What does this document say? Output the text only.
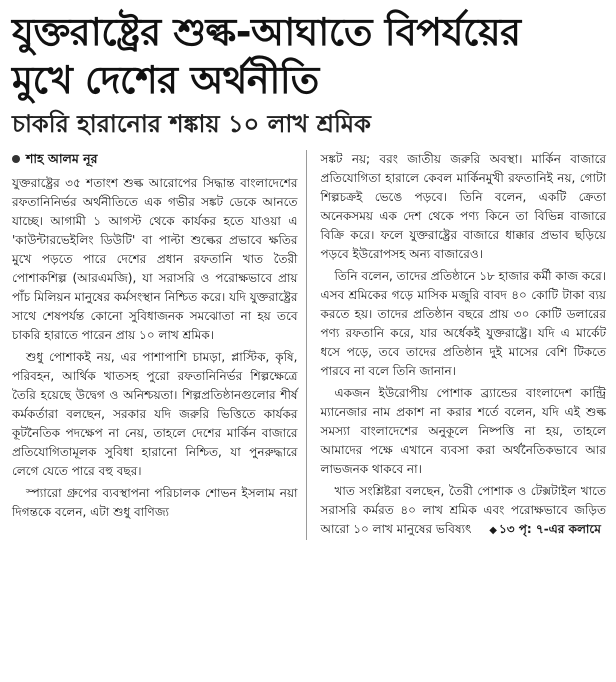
যুক্তরাষ্ট্রের শুল্ক-আঘাতে বিপর্যয়ের
মুখে দেশের অর্থনীতি
চাকরি হারানোর শঙ্কায় ১০ লাখ শ্রমিক
শাহ আলম নূর

যুক্তরাষ্ট্রের ৩৫ শতাংশ শুল্ক আরোপের সিদ্ধান্ত বাংলাদেশের রফতানিনির্ভর অর্থনীতিতে এক গভীর সঙ্কট ডেকে আনতে যাচ্ছে। আগামী ১ আগস্ট থেকে কার্যকর হতে যাওয়া এ 'কাউন্টারভেইলিং ডিউটি' বা পাল্টা শুল্কের প্রভাবে ক্ষতির মুখে পড়তে পারে দেশের প্রধান রফতানি খাত তৈরী পোশাকশিল্প (আরএমজি), যা সরাসরি ও পরোক্ষভাবে প্রায় পাঁচ মিলিয়ন মানুষের কর্মসংস্থান নিশ্চিত করে। যদি যুক্তরাষ্ট্রের সাথে শেষপর্যন্ত কোনো সুবিধাজনক সমঝোতা না হয় তবে চাকরি হারাতে পারেন প্রায় ১০ লাখ শ্রমিক।

শুধু পোশাকই নয়, এর পাশাপাশি চামড়া, প্লাস্টিক, কৃষি, পরিবহন, আর্থিক খাতসহ পুরো রফতানিনির্ভর শিল্পক্ষেত্রে তৈরি হয়েছে উদ্বেগ ও অনিশ্চয়তা। শিল্পপ্রতিষ্ঠানগুলোর শীর্ষ কর্মকর্তারা বলছেন, সরকার যদি জরুরি ভিত্তিতে কার্যকর কূটনৈতিক পদক্ষেপ না নেয়, তাহলে দেশের মার্কিন বাজারে প্রতিযোগিতামূলক সুবিধা হারানো নিশ্চিত, যা পুনরুদ্ধারে লেগে যেতে পারে বহু বছর।

স্প্যারো গ্রুপের ব্যবস্থাপনা পরিচালক শোভন ইসলাম নয়া দিগন্তকে বলেন, এটা শুধু বাণিজ্য

সঙ্কট নয়; বরং জাতীয় জরুরি অবস্থা। মার্কিন বাজারে প্রতিযোগিতা হারালে কেবল মার্কিনমুখী রফতানিই নয়, গোটা শিল্পচক্রই ভেঙে পড়বে। তিনি বলেন, একটি ক্রেতা অনেকসময় এক দেশ থেকে পণ্য কিনে তা বিভিন্ন বাজারে বিক্রি করে। ফলে যুক্তরাষ্ট্রের বাজারে ধাক্কার প্রভাব ছড়িয়ে পড়বে ইউরোপসহ অন্য বাজারেও।

তিনি বলেন, তাদের প্রতিষ্ঠানে ১৮ হাজার কর্মী কাজ করে। এসব শ্রমিকের গড়ে মাসিক মজুরি বাবদ ৪০ কোটি টাকা ব্যয় করতে হয়। তাদের প্রতিষ্ঠান বছরে প্রায় ৩০ কোটি ডলারের পণ্য রফতানি করে, যার অর্ধেকই যুক্তরাষ্ট্রে। যদি এ মার্কেট ধসে পড়ে, তবে তাদের প্রতিষ্ঠান দুই মাসের বেশি টিকতে পারবে না বলে তিনি জানান।

একজন ইউরোপীয় পোশাক ব্র্যান্ডের বাংলাদেশ কান্ট্রি ম্যানেজার নাম প্রকাশ না করার শর্তে বলেন, যদি এই শুল্ক সমস্যা বাংলাদেশের অনুকূলে নিষ্পত্তি না হয়, তাহলে আমাদের পক্ষে এখানে ব্যবসা করা অর্থনৈতিকভাবে আর লাভজনক থাকবে না।

খাত সংশ্লিষ্টরা বলছেন, তৈরী পোশাক ও টেক্সটাইল খাতে সরাসরি কর্মরত ৪০ লাখ শ্রমিক এবং পরোক্ষভাবে জড়িত আরো ১০ লাখ মানুষের ভবিষ্যৎ ◆ ১৩ পৃ: ৭-এর কলামে
